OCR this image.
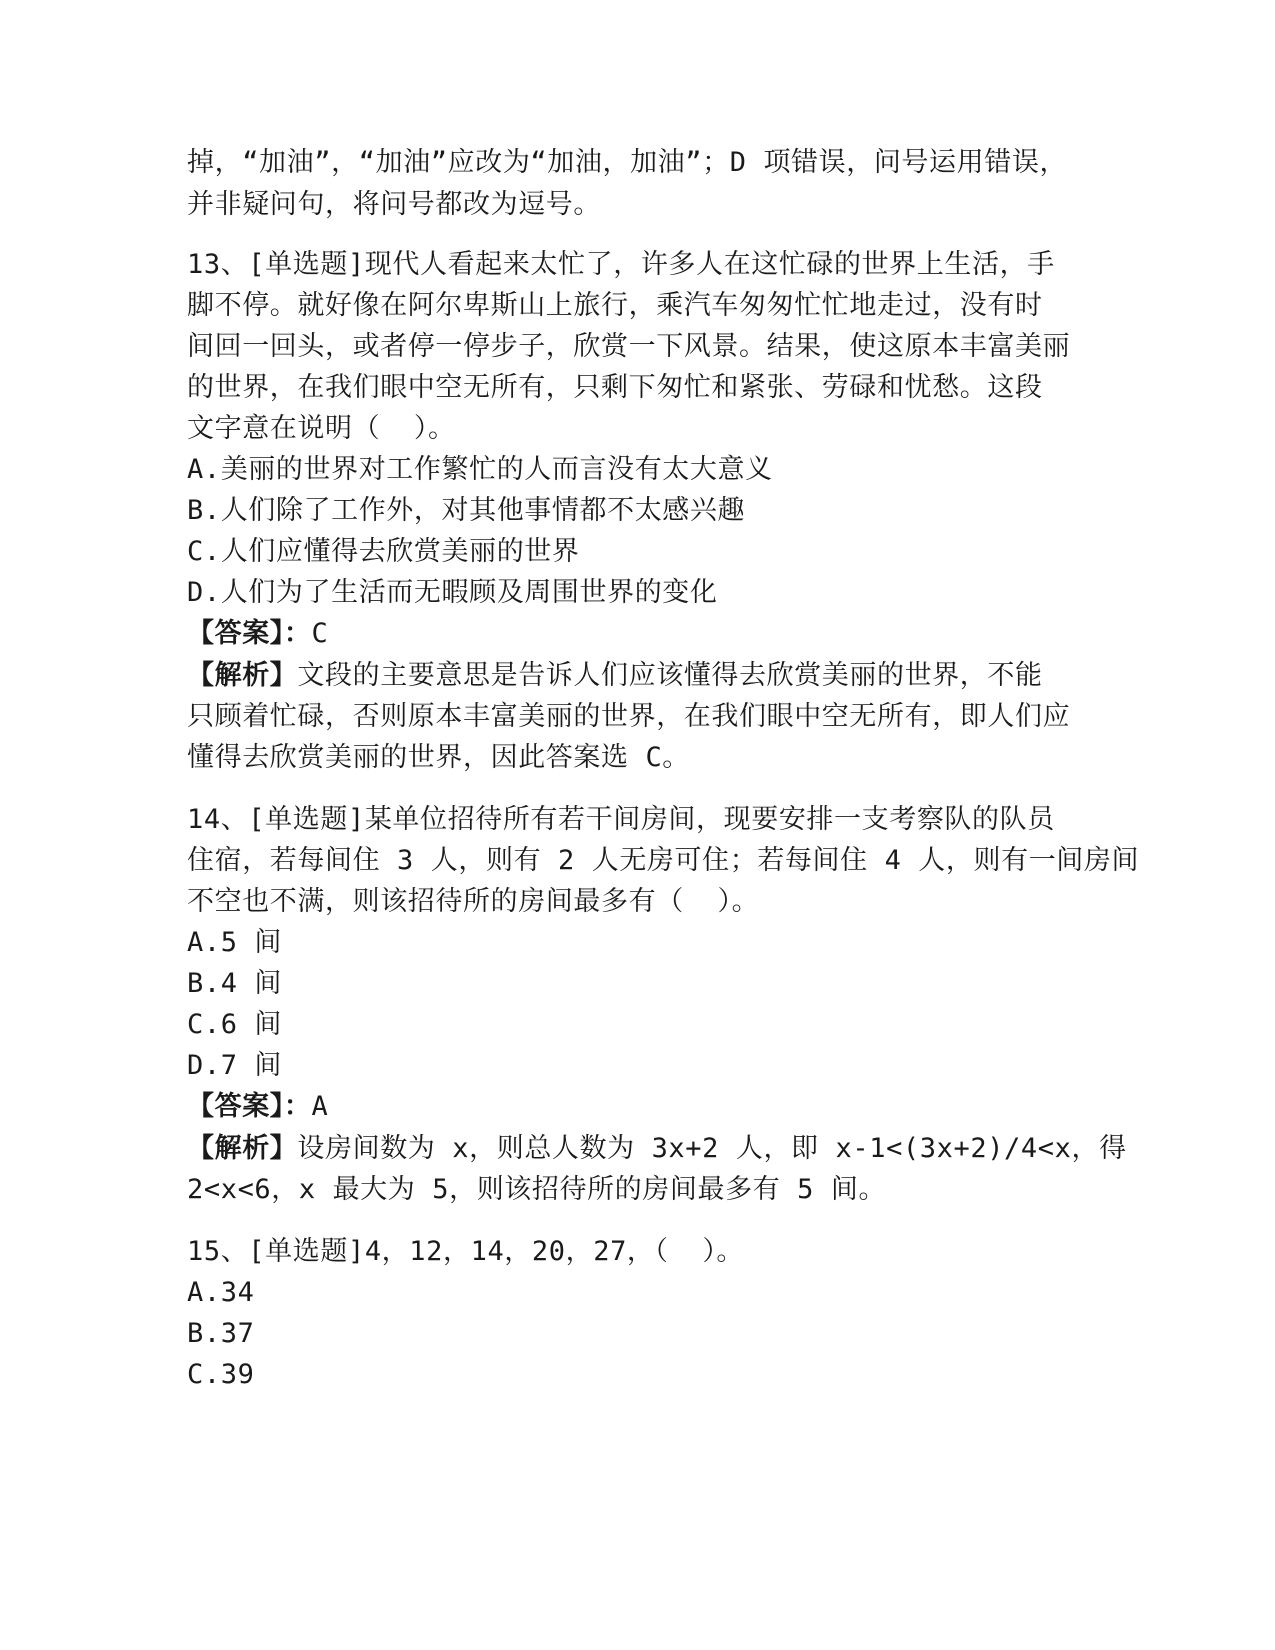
掉，“加油”，“加油”应改为“加油，加油”；D 项错误，问号运用错误，
并非疑问句，将问号都改为逗号。
13、[单选题]现代人看起来太忙了，许多人在这忙碌的世界上生活，手
脚不停。就好像在阿尔卑斯山上旅行，乘汽车匆匆忙忙地走过，没有时
间回一回头，或者停一停步子，欣赏一下风景。结果，使这原本丰富美丽
的世界，在我们眼中空无所有，只剩下匆忙和紧张、劳碌和忧愁。这段
文字意在说明（  ）。
A.美丽的世界对工作繁忙的人而言没有太大意义
B.人们除了工作外，对其他事情都不太感兴趣
C.人们应懂得去欣赏美丽的世界
D.人们为了生活而无暇顾及周围世界的变化
【答案】：C
【解析】文段的主要意思是告诉人们应该懂得去欣赏美丽的世界，不能
只顾着忙碌，否则原本丰富美丽的世界，在我们眼中空无所有，即人们应
懂得去欣赏美丽的世界，因此答案选 C。
14、[单选题]某单位招待所有若干间房间，现要安排一支考察队的队员
住宿，若每间住 3 人，则有 2 人无房可住；若每间住 4 人，则有一间房间
不空也不满，则该招待所的房间最多有（  ）。
A.5 间
B.4 间
C.6 间
D.7 间
【答案】：A
【解析】设房间数为 x，则总人数为 3x+2 人，即 x-1<(3x+2)/4<x，得
2<x<6，x 最大为 5，则该招待所的房间最多有 5 间。
15、[单选题]4，12，14，20，27，（  ）。
A.34
B.37
C.39
